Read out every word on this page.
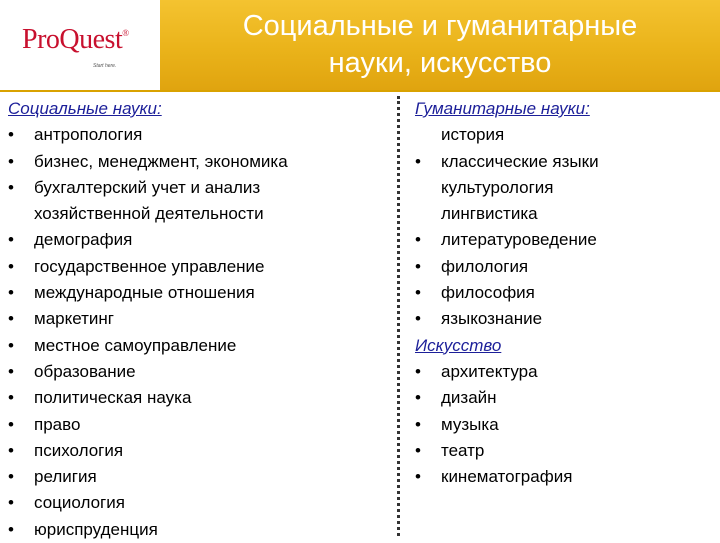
ProQuest®
Start here.
Социальные и гуманитарные
науки, искусство
Социальные науки:
•	антропология
•	бизнес, менеджмент, экономика
•	бухгалтерский учет и анализ
хозяйственной деятельности
•	демография
•	государственное управление
•	международные отношения
•	маркетинг
•	местное самоуправление
•	образование
•	политическая наука
•	право
•	психология
•	религия
•	социология
•	юриспруденция
Гуманитарные науки:
история
•	классические языки
культурология
лингвистика
•	литературоведение
•	филология
•	философия
•	языкознание
Искусство
•	архитектура
•	дизайн
•	музыка
•	театр
•	кинематография
